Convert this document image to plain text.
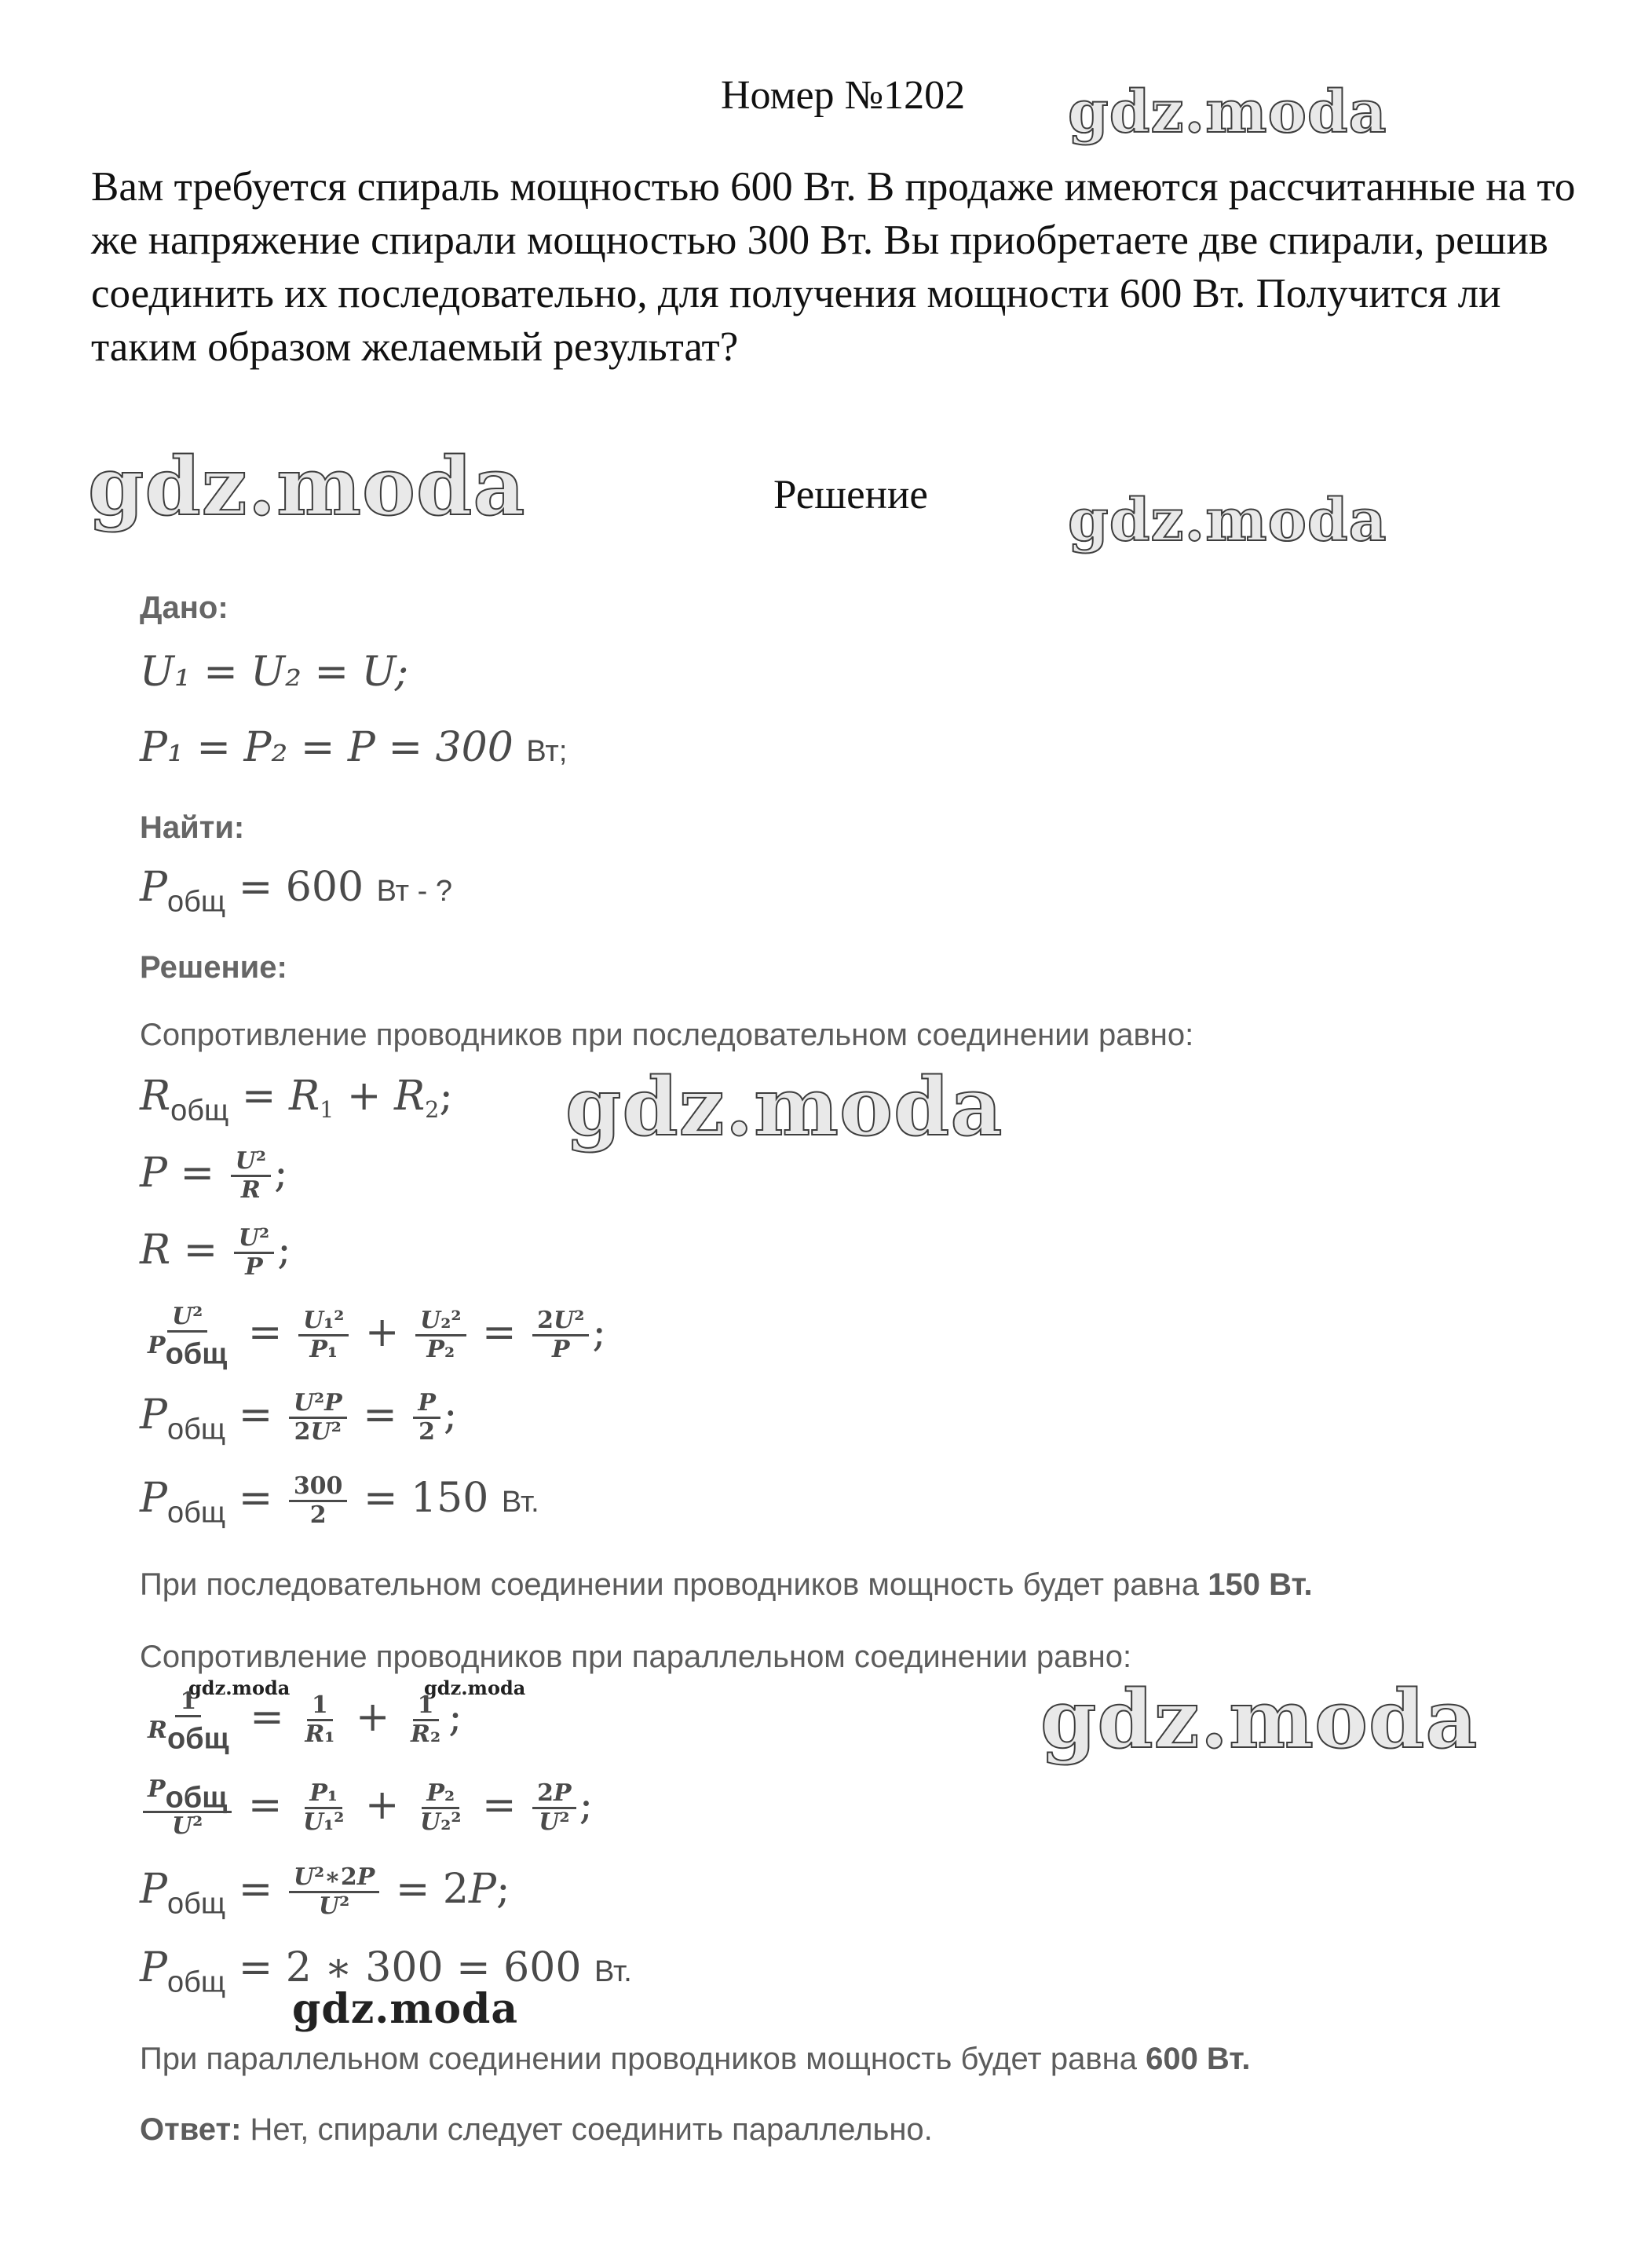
Номер №1202
Вам требуется спираль мощностью 600 Вт. В продаже имеются рассчитанные на то же напряжение спирали мощностью 300 Вт. Вы приобретаете две спирали, решив соединить их последовательно, для получения мощности 600 Вт. Получится ли таким образом желаемый результат?
Решение
gdz.moda
gdz.moda	gdz.moda
gdz.moda
gdz.moda	gdz.moda	gdz.moda
gdz.moda
Дано:
U₁ = U₂ = U;
P₁ = P₂ = P = 300 Вт;
Найти:
$P_{общ} = 600$ Вт - ?
Решение:
Сопротивление проводников при последовательном соединении равно:
$R_{общ} = R_1 + R_2$;
$P = \frac{\text{U²}}{R}$ ;
$R = \frac{\text{U²}}{P}$ ;
$\frac{\text{U²}}{\text{Pобщ}} = \frac{\text{U₁²}}{\text{P₁}} + \frac{\text{U₂²}}{\text{P₂}} = \frac{\text{2U²}}{P}$ ;
$P_{общ} = \frac{\text{U²P}}{\text{2U²}} = \frac{P}{2}$ ;
$P_{общ} = \frac{300}{2} = 150$ Вт.
При последовательном соединении проводников мощность будет равна 150 Вт.
Сопротивление проводников при параллельном соединении равно:
$\frac{1}{\text{Rобщ}} = \frac{1}{\text{R₁}} + \frac{1}{\text{R₂}}$ ;
$\frac{\text{Pобщ}}{\text{U²}} = \frac{\text{P₁}}{\text{U₁²}} + \frac{\text{P₂}}{\text{U₂²}} = \frac{2P}{\text{U²}}$ ;
$P_{общ} = \frac{\text{U²∗2P}}{\text{U²}} = 2P$;
$P_{общ} = 2$ ∗ 300 = 600 Вт.
При параллельном соединении проводников мощность будет равна 600 Вт.
Ответ: Нет, спирали следует соединить параллельно.
